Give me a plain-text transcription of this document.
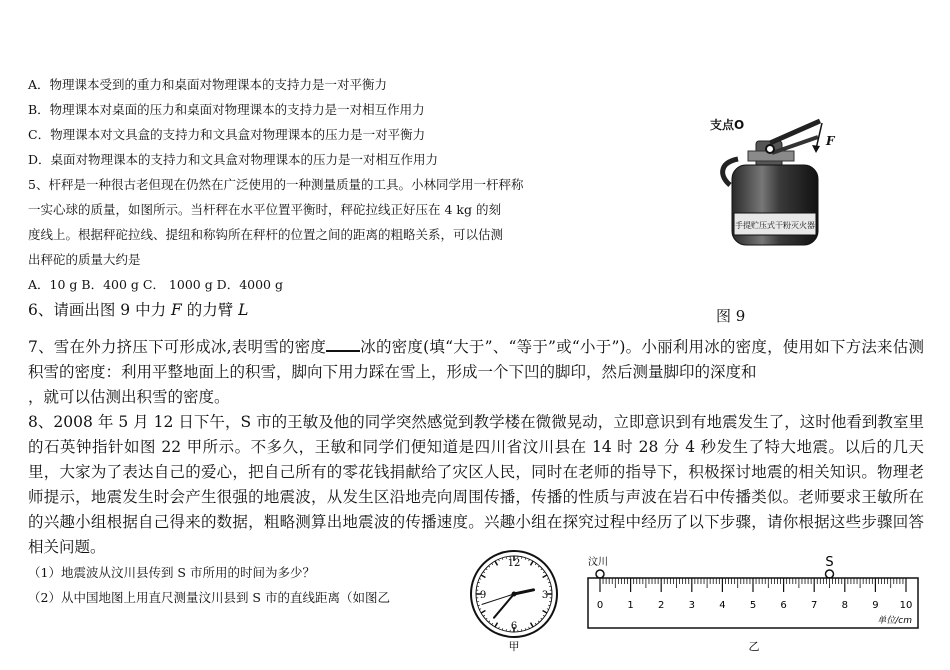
A．物理课本受到的重力和桌面对物理课本的支持力是一对平衡力
B．物理课本对桌面的压力和桌面对物理课本的支持力是一对相互作用力
C．物理课本对文具盒的支持力和文具盒对物理课本的压力是一对平衡力
D．桌面对物理课本的支持力和文具盒对物理课本的压力是一对相互作用力
5、杆秤是一种很古老但现在仍然在广泛使用的一种测量质量的工具。小林同学用一杆秤称
一实心球的质量，如图所示。当杆秤在水平位置平衡时，秤砣拉线正好压在 4 kg 的刻
度线上。根据秤砣拉线、提纽和称钩所在秤杆的位置之间的距离的粗略关系，可以估测
出秤砣的质量大约是
A．10 g B．400 g C． 1000 g D．4000 g
6、请画出图 9 中力 F 的力臂 L
手提贮压式干粉灭火器
支点O
F
图 9
7、雪在外力挤压下可形成冰,表明雪的密度 冰的密度(填“大于”、“等于”或“小于”)。小丽利用冰的密度，使用如下方法来估测积雪的密度：利用平整地面上的积雪，脚向下用力踩在雪上，形成一个下凹的脚印，然后测量脚印的深度和
，就可以估测出积雪的密度。
8、2008 年 5 月 12 日下午，S 市的王敏及他的同学突然感觉到教学楼在微微晃动，立即意识到有地震发生了，这时他看到教室里的石英钟指针如图 22 甲所示。不多久，王敏和同学们便知道是四川省汶川县在 14 时 28 分 4 秒发生了特大地震。以后的几天里，大家为了表达自己的爱心，把自己所有的零花钱捐献给了灾区人民，同时在老师的指导下，积极探讨地震的相关知识。物理老师提示，地震发生时会产生很强的地震波，从发生区沿地壳向周围传播，传播的性质与声波在岩石中传播类似。老师要求王敏所在的兴趣小组根据自己得来的数据，粗略测算出地震波的传播速度。兴趣小组在探究过程中经历了以下步骤，请你根据这些步骤回答相关问题。
（1）地震波从汶川县传到 S 市所用的时间为多少？
（2）从中国地图上用直尺测量汶川县到 S 市的直线距离（如图乙
12
3
6
9
甲
汶川	S
0 1 2 3 4 5 6 7 8 9 10
单位/cm
乙
